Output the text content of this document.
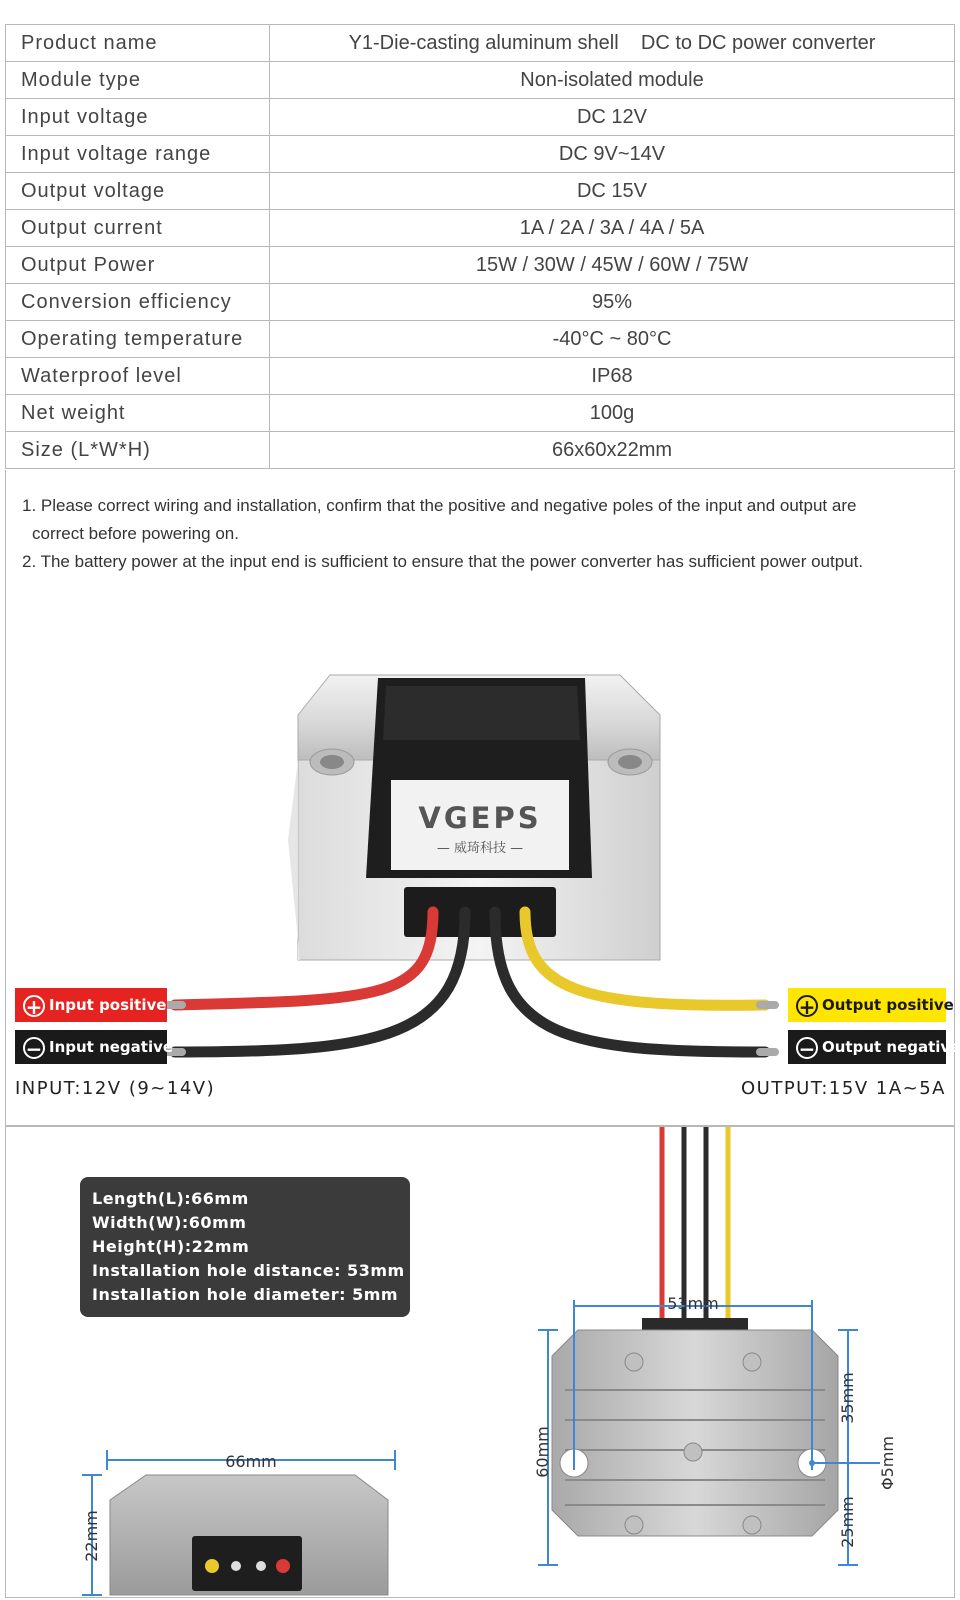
Product name	Y1-Die-casting aluminum shell    DC to DC power converter
Module type	Non-isolated module
Input voltage	DC 12V
Input voltage range	DC 9V~14V
Output voltage	DC 15V
Output current	1A / 2A / 3A / 4A / 5A
Output Power	15W / 30W / 45W / 60W / 75W
Conversion efficiency	95%
Operating temperature	-40°C ~ 80°C
Waterproof level	IP68
Net weight	100g
Size (L*W*H)	66x60x22mm
1. Please correct wiring and installation, confirm that the positive and negative poles of the input and output are
correct before powering on.
2. The battery power at the input end is sufficient to ensure that the power converter has sufficient power output.
VGEPS
— 威琦科技 —
+ Input positive
− Input negative
+ Output positive
− Output negative
INPUT:12V (9~14V)	OUTPUT:15V 1A~5A
Length(L):66mm
Width(W):60mm
Height(H):22mm
Installation hole distance: 53mm
Installation hole diameter: 5mm	53mm
66mm	60mm
35mm
25mm
Φ5mm
22mm
